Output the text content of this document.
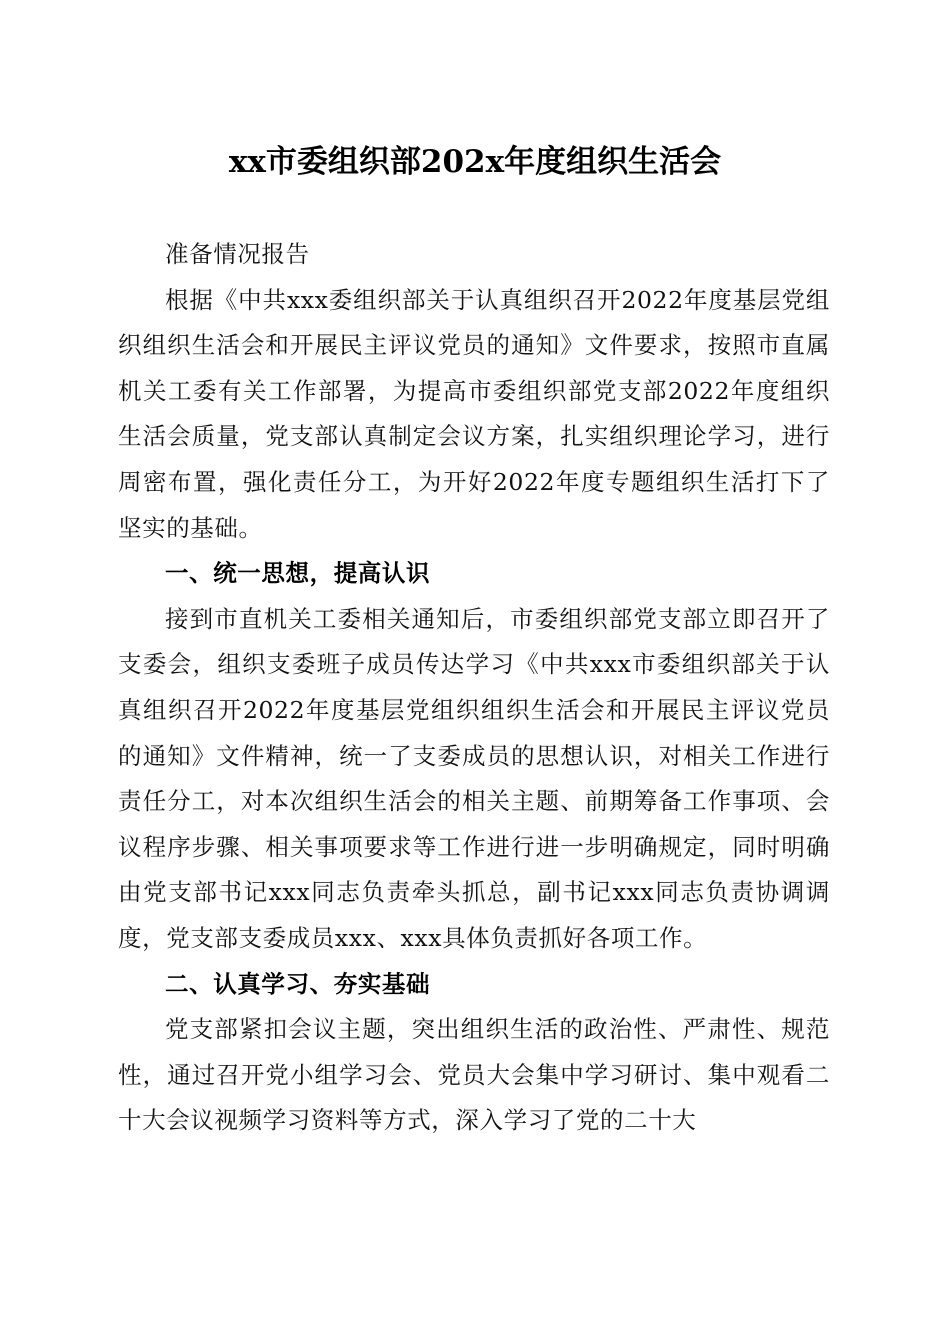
xx市委组织部202x年度组织生活会

准备情况报告

根据《中共xxx委组织部关于认真组织召开2022年度基层党组织组织生活会和开展民主评议党员的通知》文件要求，按照市直属机关工委有关工作部署，为提高市委组织部党支部2022年度组织生活会质量，党支部认真制定会议方案，扎实组织理论学习，进行周密布置，强化责任分工，为开好2022年度专题组织生活打下了坚实的基础。

一、统一思想，提高认识

接到市直机关工委相关通知后，市委组织部党支部立即召开了支委会，组织支委班子成员传达学习《中共xxx市委组织部关于认真组织召开2022年度基层党组织组织生活会和开展民主评议党员的通知》文件精神，统一了支委成员的思想认识，对相关工作进行责任分工，对本次组织生活会的相关主题、前期筹备工作事项、会议程序步骤、相关事项要求等工作进行进一步明确规定，同时明确由党支部书记xxx同志负责牵头抓总，副书记xxx同志负责协调调度，党支部支委成员xxx、xxx具体负责抓好各项工作。

二、认真学习、夯实基础

党支部紧扣会议主题，突出组织生活的政治性、严肃性、规范性，通过召开党小组学习会、党员大会集中学习研讨、集中观看二十大会议视频学习资料等方式，深入学习了党的二十大
